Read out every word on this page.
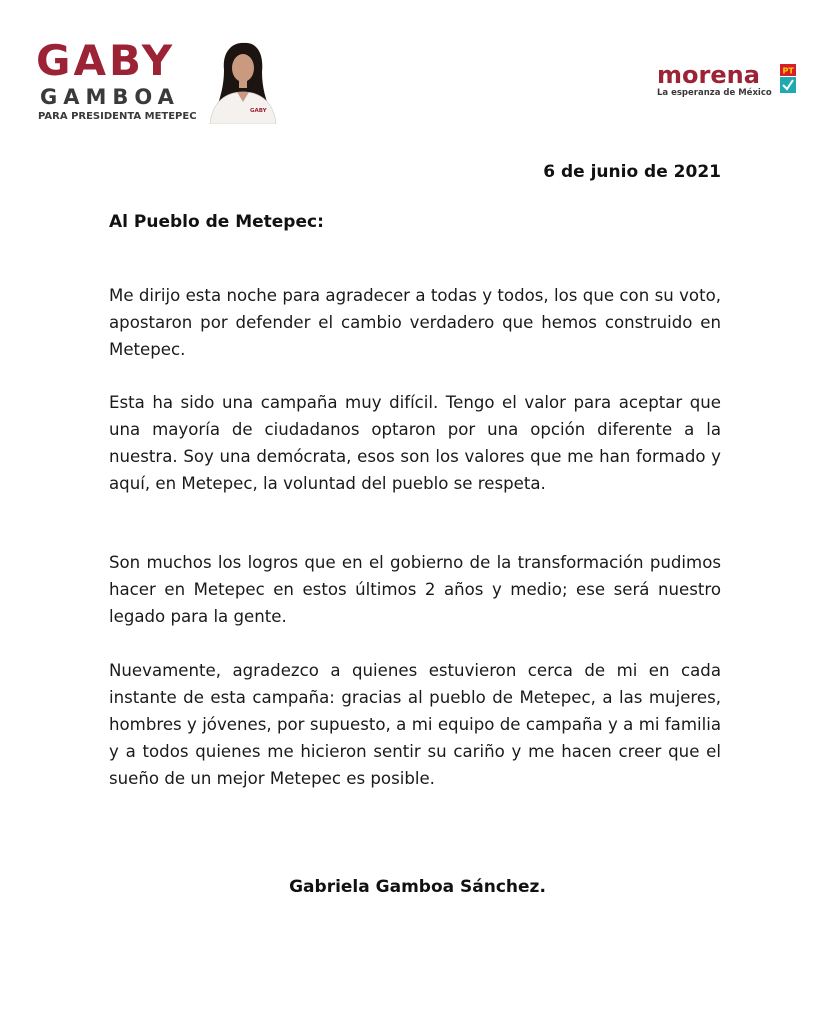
GABY
GAMBOA
PARA PRESIDENTA METEPEC	GABY
morena
La esperanza de México
PT
6 de junio de 2021
Al Pueblo de Metepec:

Me dirijo esta noche para agradecer a todas y todos, los que con su voto, apostaron por defender el cambio verdadero que hemos construido en Metepec.

Esta ha sido una campaña muy difícil. Tengo el valor para aceptar que una mayoría de ciudadanos optaron por una opción diferente a la nuestra. Soy una demócrata, esos son los valores que me han formado y aquí, en Metepec, la voluntad del pueblo se respeta.

Son muchos los logros que en el gobierno de la transformación pudimos hacer en Metepec en estos últimos 2 años y medio; ese será nuestro legado para la gente.

Nuevamente, agradezco a quienes estuvieron cerca de mi en cada instante de esta campaña: gracias al pueblo de Metepec, a las mujeres, hombres y jóvenes, por supuesto, a mi equipo de campaña y a mi familia y a todos quienes me hicieron sentir su cariño y me hacen creer que el sueño de un mejor Metepec es posible.

Gabriela Gamboa Sánchez.
